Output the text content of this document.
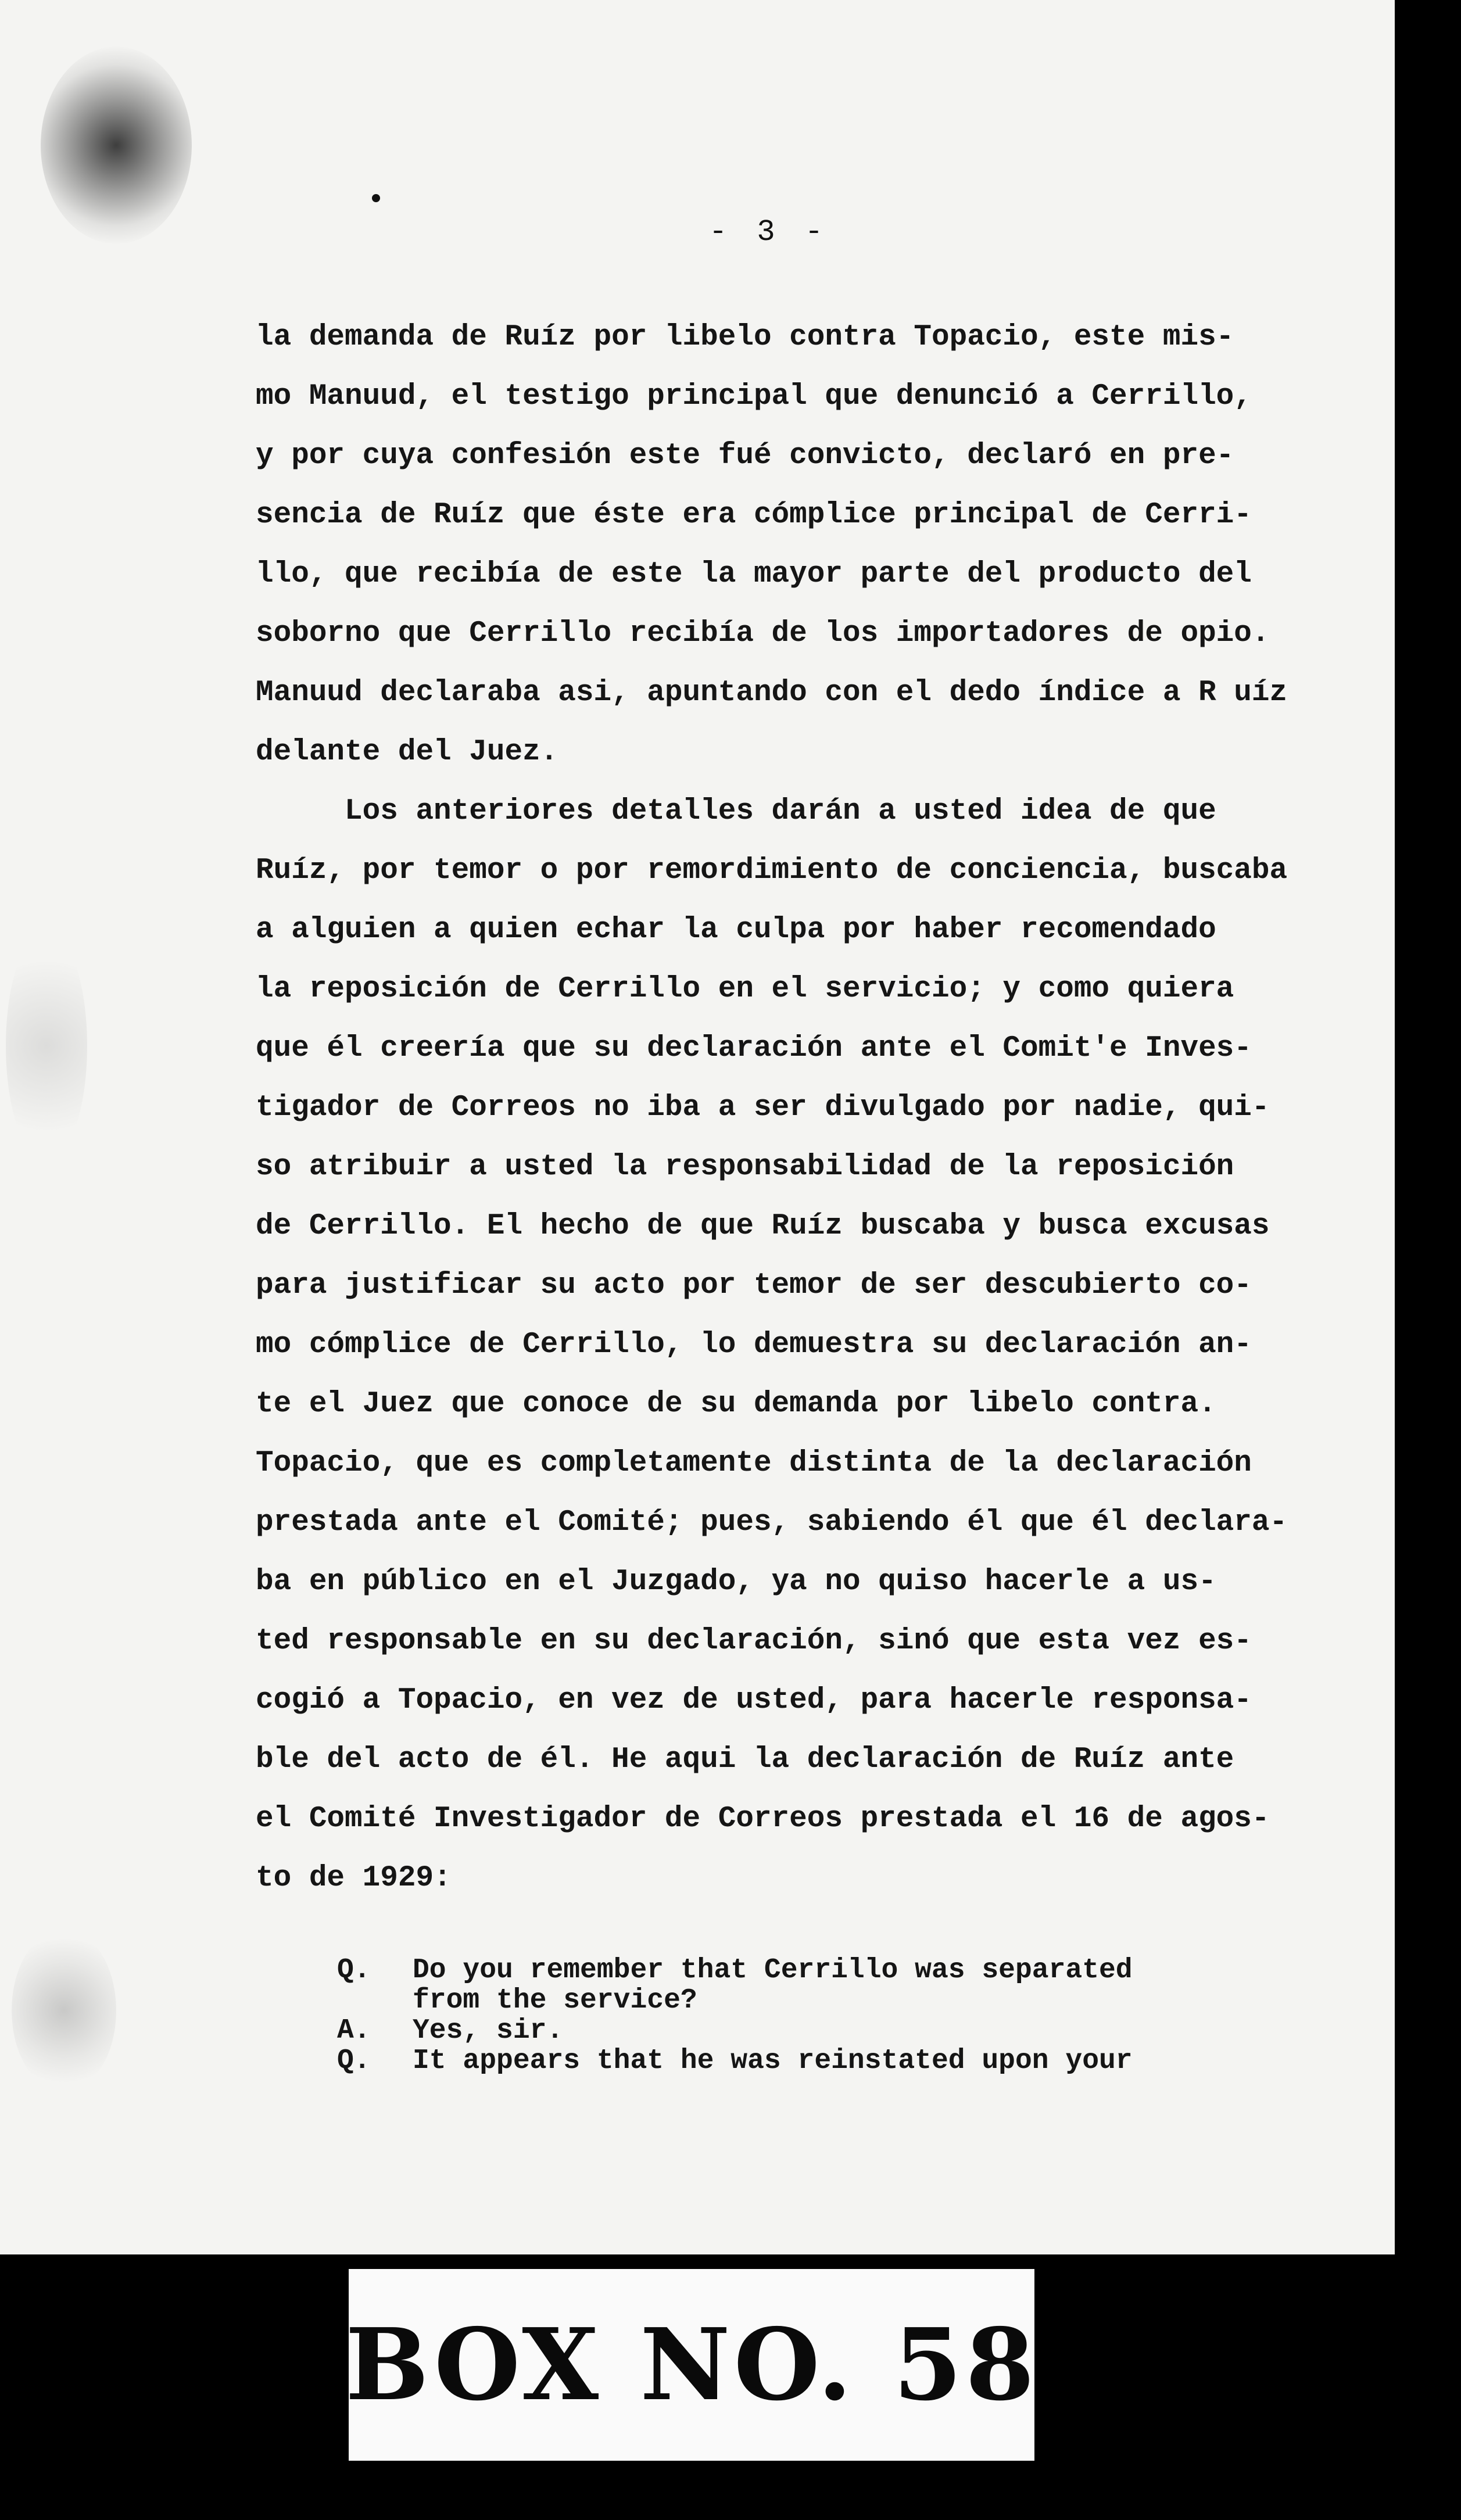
- 3 -
la demanda de Ruíz por libelo contra Topacio, este mis-
mo Manuud, el testigo principal que denunció a Cerrillo,
y por cuya confesión este fué convicto, declaró en pre-
sencia de Ruíz que éste era cómplice principal de Cerri-
llo, que recibía de este la mayor parte del producto del
soborno que Cerrillo recibía de los importadores de opio.
Manuud declaraba asi, apuntando con el dedo índice a R uíz
delante del Juez.
Los anteriores detalles darán a usted idea de que
Ruíz, por temor o por remordimiento de conciencia, buscaba
a alguien a quien echar la culpa por haber recomendado
la reposición de Cerrillo en el servicio; y como quiera
que él creería que su declaración ante el Comit'e Inves-
tigador de Correos no iba a ser divulgado por nadie, qui-
so atribuir a usted la responsabilidad de la reposición
de Cerrillo. El hecho de que Ruíz buscaba y busca excusas
para justificar su acto por temor de ser descubierto co-
mo cómplice de Cerrillo, lo demuestra su declaración an-
te el Juez que conoce de su demanda por libelo contra.
Topacio, que es completamente distinta de la declaración
prestada ante el Comité; pues, sabiendo él que él declara-
ba en público en el Juzgado, ya no quiso hacerle a us-
ted responsable en su declaración, sinó que esta vez es-
cogió a Topacio, en vez de usted, para hacerle responsa-
ble del acto de él. He aqui la declaración de Ruíz ante
el Comité Investigador de Correos prestada el 16 de agos-
to de 1929:
Q.	Do you remember that Cerrillo was separated
from the service?
A.	Yes, sir.
Q.	It appears that he was reinstated upon your
BOX NO. 58
